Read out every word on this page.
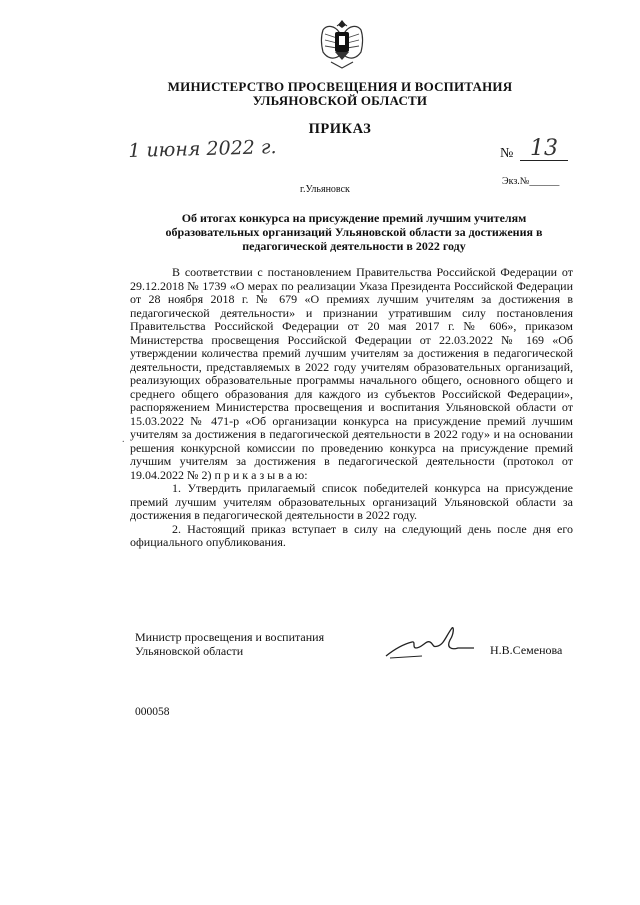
МИНИСТЕРСТВО ПРОСВЕЩЕНИЯ И ВОСПИТАНИЯ
УЛЬЯНОВСКОЙ ОБЛАСТИ
ПРИКАЗ
1 июня 2022 г.	№ 13
Экз.№______
г.Ульяновск
Об итогах конкурса на присуждение премий лучшим учителям
образовательных организаций Ульяновской области за достижения в
педагогической деятельности в 2022 году

В соответствии с постановлением Правительства Российской Федерации от 29.12.2018 № 1739 «О мерах по реализации Указа Президента Российской Федерации от 28 ноября 2018 г. № 679 «О премиях лучшим учителям за достижения в педагогической деятельности» и признании утратившим силу постановления Правительства Российской Федерации от 20 мая 2017 г. № 606», приказом Министерства просвещения Российской Федерации от 22.03.2022 № 169 «Об утверждении количества премий лучшим учителям за достижения в педагогической деятельности, представляемых в 2022 году учителям образовательных организаций, реализующих образовательные программы начального общего, основного общего и среднего общего образования для каждого из субъектов Российской Федерации», распоряжением Министерства просвещения и воспитания Ульяновской области от 15.03.2022 № 471-р «Об организации конкурса на присуждение премий лучшим учителям за достижения в педагогической деятельности в 2022 году» и на основании решения конкурсной комиссии по проведению конкурса на присуждение премий лучшим учителям за достижения в педагогической деятельности (протокол от 19.04.2022 № 2) п р и к а з ы в а ю:

1. Утвердить прилагаемый список победителей конкурса на присуждение премий лучшим учителям образовательных организаций Ульяновской области за достижения в педагогической деятельности в 2022 году.

2. Настоящий приказ вступает в силу на следующий день после дня его официального опубликования.

.
Министр просвещения и воспитания
Ульяновской области	Н.В.Семенова
000058
